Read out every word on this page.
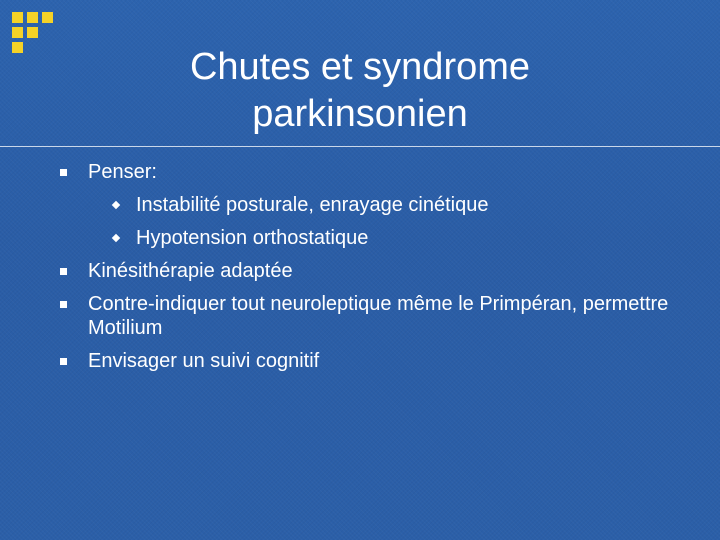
Chutes et syndrome
parkinsonien
Penser:
Instabilité posturale, enrayage cinétique
Hypotension orthostatique
Kinésithérapie adaptée
Contre-indiquer tout neuroleptique même le Primpéran, permettre Motilium
Envisager un suivi cognitif
